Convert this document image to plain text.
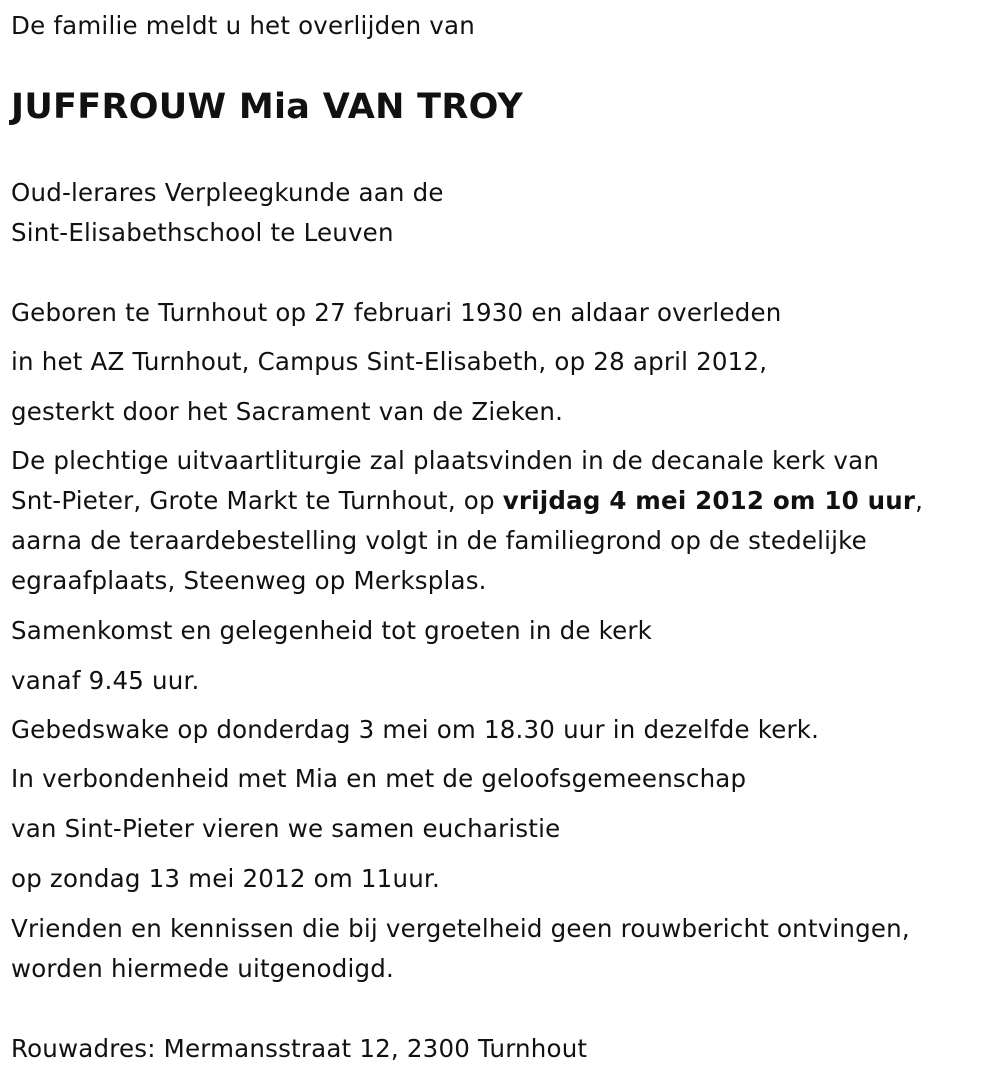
De familie meldt u het overlijden van
JUFFROUW Mia VAN TROY
Oud-lerares Verpleegkunde aan de
Sint-Elisabethschool te Leuven
Geboren te Turnhout op 27 februari 1930 en aldaar overleden
in het AZ Turnhout, Campus Sint-Elisabeth, op 28 april 2012,
gesterkt door het Sacrament van de Zieken.
De plechtige uitvaartliturgie zal plaatsvinden in de decanale kerk van
Snt-Pieter, Grote Markt te Turnhout, op vrijdag 4 mei 2012 om 10 uur,
aarna de teraardebestelling volgt in de familiegrond op de stedelijke
egraafplaats, Steenweg op Merksplas.
Samenkomst en gelegenheid tot groeten in de kerk
vanaf 9.45 uur.
Gebedswake op donderdag 3 mei om 18.30 uur in dezelfde kerk.
In verbondenheid met Mia en met de geloofsgemeenschap
van Sint-Pieter vieren we samen eucharistie
op zondag 13 mei 2012 om 11uur.
Vrienden en kennissen die bij vergetelheid geen rouwbericht ontvingen,
worden hiermede uitgenodigd.
Rouwadres: Mermansstraat 12, 2300 Turnhout
